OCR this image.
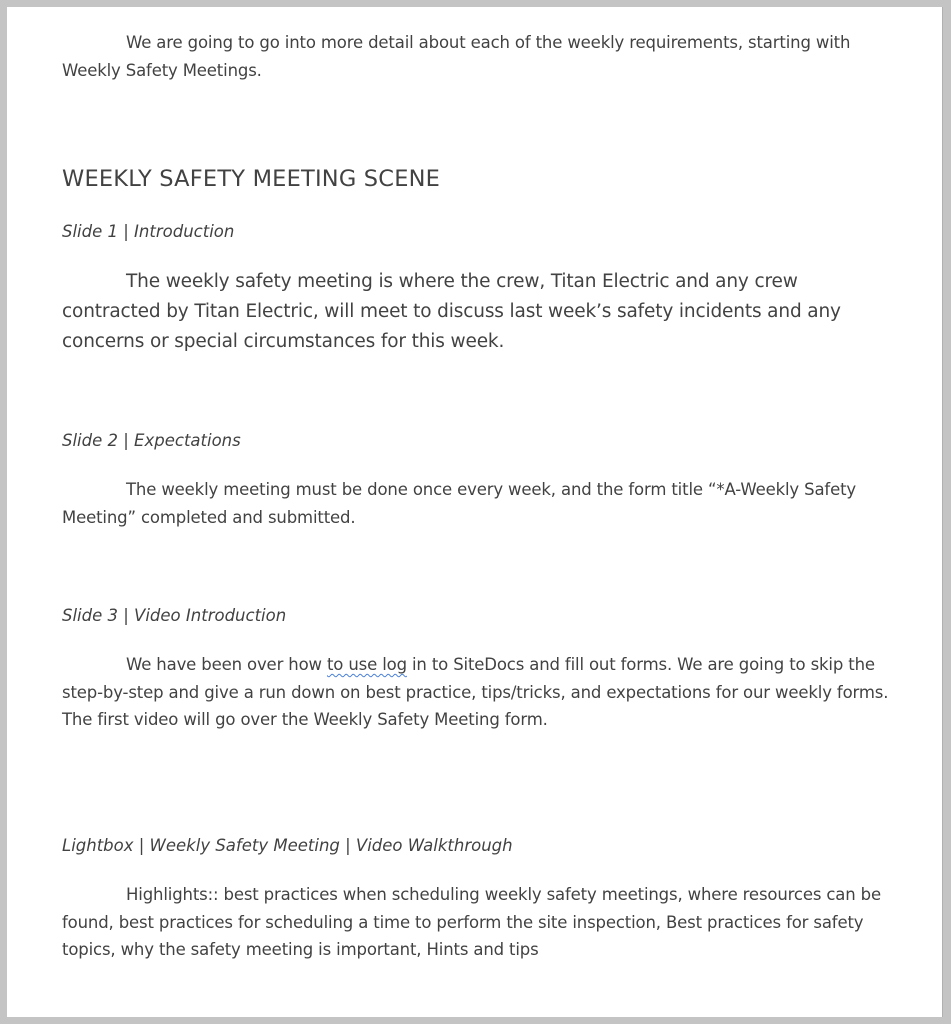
We are going to go into more detail about each of the weekly requirements, starting with Weekly Safety Meetings.

WEEKLY SAFETY MEETING SCENE

Slide 1 | Introduction

The weekly safety meeting is where the crew, Titan Electric and any crew contracted by Titan Electric, will meet to discuss last week’s safety incidents and any concerns or special circumstances for this week.

Slide 2 | Expectations

The weekly meeting must be done once every week, and the form title “*A-Weekly Safety Meeting” completed and submitted.

Slide 3 | Video Introduction

We have been over how to use log in to SiteDocs and fill out forms. We are going to skip the step-by-step and give a run down on best practice, tips/tricks, and expectations for our weekly forms. The first video will go over the Weekly Safety Meeting form.

Lightbox | Weekly Safety Meeting | Video Walkthrough

Highlights:: best practices when scheduling weekly safety meetings, where resources can be found, best practices for scheduling a time to perform the site inspection, Best practices for safety topics, why the safety meeting is important, Hints and tips
